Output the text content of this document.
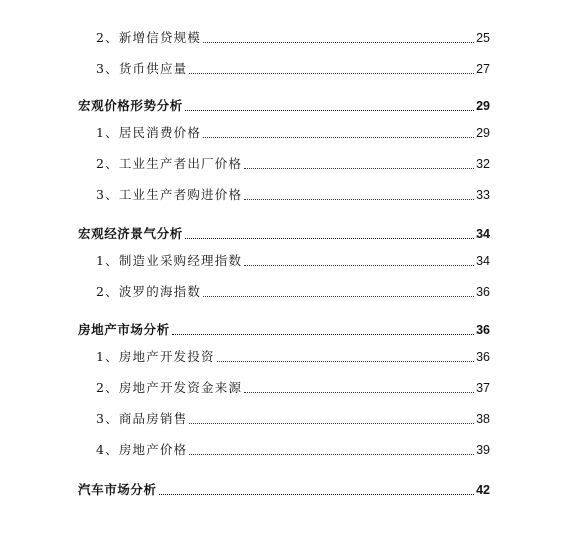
2、新增信贷规模	25
3、货币供应量	27
宏观价格形势分析	29
1、居民消费价格	29
2、工业生产者出厂价格	32
3、工业生产者购进价格	33
宏观经济景气分析	34
1、制造业采购经理指数	34
2、波罗的海指数	36
房地产市场分析	36
1、房地产开发投资	36
2、房地产开发资金来源	37
3、商品房销售	38
4、房地产价格	39
汽车市场分析	42
